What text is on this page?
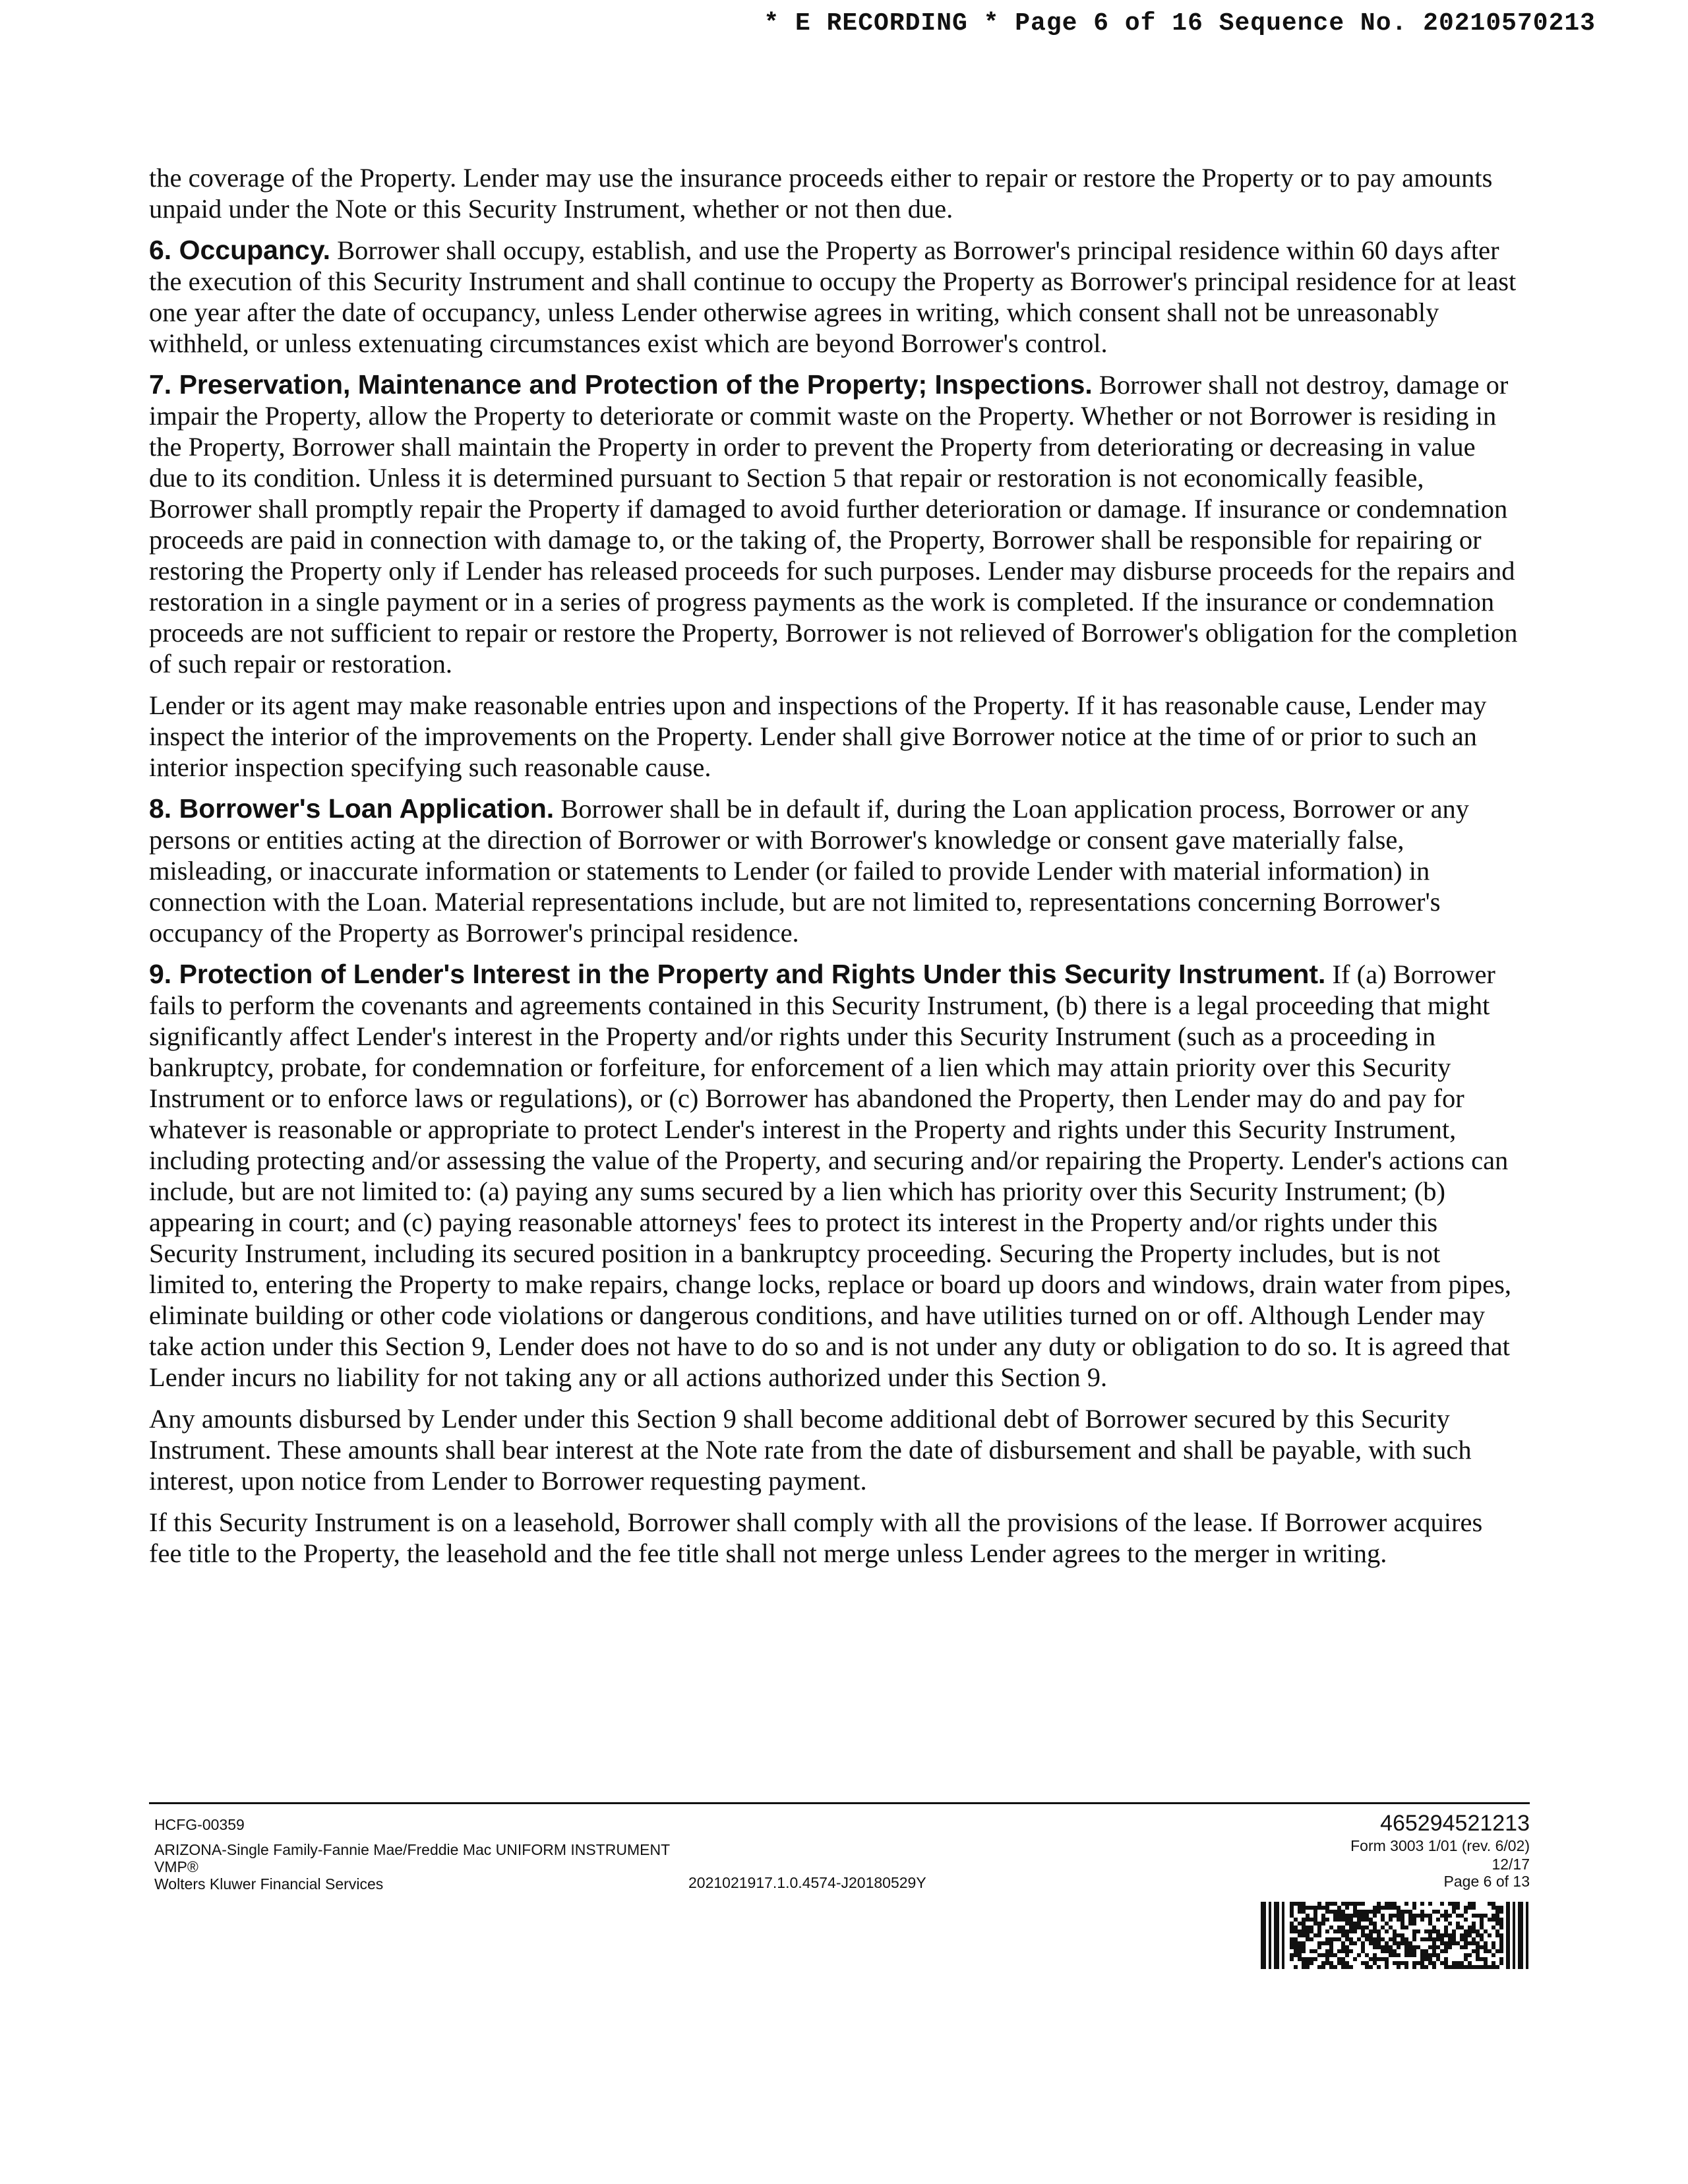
* E RECORDING * Page 6 of 16 Sequence No. 20210570213

the coverage of the Property. Lender may use the insurance proceeds either to repair or restore the Property or to pay amounts unpaid under the Note or this Security Instrument, whether or not then due.

6. Occupancy. Borrower shall occupy, establish, and use the Property as Borrower's principal residence within 60 days after the execution of this Security Instrument and shall continue to occupy the Property as Borrower's principal residence for at least one year after the date of occupancy, unless Lender otherwise agrees in writing, which consent shall not be unreasonably withheld, or unless extenuating circumstances exist which are beyond Borrower's control.

7. Preservation, Maintenance and Protection of the Property; Inspections. Borrower shall not destroy, damage or impair the Property, allow the Property to deteriorate or commit waste on the Property. Whether or not Borrower is residing in the Property, Borrower shall maintain the Property in order to prevent the Property from deteriorating or decreasing in value due to its condition. Unless it is determined pursuant to Section 5 that repair or restoration is not economically feasible, Borrower shall promptly repair the Property if damaged to avoid further deterioration or damage. If insurance or condemnation proceeds are paid in connection with damage to, or the taking of, the Property, Borrower shall be responsible for repairing or restoring the Property only if Lender has released proceeds for such purposes. Lender may disburse proceeds for the repairs and restoration in a single payment or in a series of progress payments as the work is completed. If the insurance or condemnation proceeds are not sufficient to repair or restore the Property, Borrower is not relieved of Borrower's obligation for the completion of such repair or restoration.

Lender or its agent may make reasonable entries upon and inspections of the Property. If it has reasonable cause, Lender may inspect the interior of the improvements on the Property. Lender shall give Borrower notice at the time of or prior to such an interior inspection specifying such reasonable cause.

8. Borrower's Loan Application. Borrower shall be in default if, during the Loan application process, Borrower or any persons or entities acting at the direction of Borrower or with Borrower's knowledge or consent gave materially false, misleading, or inaccurate information or statements to Lender (or failed to provide Lender with material information) in connection with the Loan. Material representations include, but are not limited to, representations concerning Borrower's occupancy of the Property as Borrower's principal residence.

9. Protection of Lender's Interest in the Property and Rights Under this Security Instrument. If (a) Borrower fails to perform the covenants and agreements contained in this Security Instrument, (b) there is a legal proceeding that might significantly affect Lender's interest in the Property and/or rights under this Security Instrument (such as a proceeding in bankruptcy, probate, for condemnation or forfeiture, for enforcement of a lien which may attain priority over this Security Instrument or to enforce laws or regulations), or (c) Borrower has abandoned the Property, then Lender may do and pay for whatever is reasonable or appropriate to protect Lender's interest in the Property and rights under this Security Instrument, including protecting and/or assessing the value of the Property, and securing and/or repairing the Property. Lender's actions can include, but are not limited to: (a) paying any sums secured by a lien which has priority over this Security Instrument; (b) appearing in court; and (c) paying reasonable attorneys' fees to protect its interest in the Property and/or rights under this Security Instrument, including its secured position in a bankruptcy proceeding. Securing the Property includes, but is not limited to, entering the Property to make repairs, change locks, replace or board up doors and windows, drain water from pipes, eliminate building or other code violations or dangerous conditions, and have utilities turned on or off. Although Lender may take action under this Section 9, Lender does not have to do so and is not under any duty or obligation to do so. It is agreed that Lender incurs no liability for not taking any or all actions authorized under this Section 9.

Any amounts disbursed by Lender under this Section 9 shall become additional debt of Borrower secured by this Security Instrument. These amounts shall bear interest at the Note rate from the date of disbursement and shall be payable, with such interest, upon notice from Lender to Borrower requesting payment.

If this Security Instrument is on a leasehold, Borrower shall comply with all the provisions of the lease. If Borrower acquires fee title to the Property, the leasehold and the fee title shall not merge unless Lender agrees to the merger in writing.

HCFG-00359
ARIZONA-Single Family-Fannie Mae/Freddie Mac UNIFORM INSTRUMENT
VMP®
Wolters Kluwer Financial Services	2021021917.1.0.4574-J20180529Y
465294521213
Form 3003 1/01 (rev. 6/02)
12/17
Page 6 of 13
